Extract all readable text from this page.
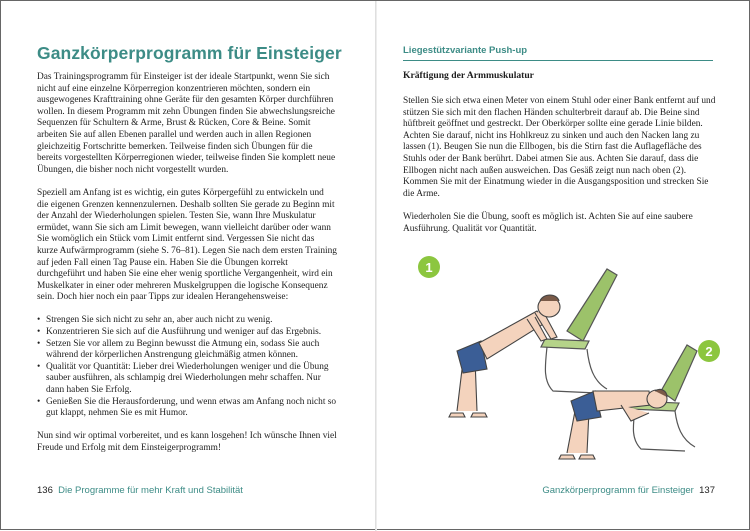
Ganzkörperprogramm für Einsteiger

Das Trainingsprogramm für Einsteiger ist der ideale Startpunkt, wenn Sie sich nicht auf eine einzelne Körperregion konzentrieren möchten, sondern ein ausgewogenes Krafttraining ohne Geräte für den gesamten Körper durchführen wollen. In diesem Programm mit zehn Übungen finden Sie abwechslungsreiche Sequenzen für Schultern & Arme, Brust & Rücken, Core & Beine. Somit arbeiten Sie auf allen Ebenen parallel und werden auch in allen Regionen gleichzeitig Fortschritte bemerken. Teilweise finden sich Übungen für die bereits vorgestellten Körperregionen wieder, teilweise finden Sie komplett neue Übungen, die bisher noch nicht vorgestellt wurden.

Speziell am Anfang ist es wichtig, ein gutes Körpergefühl zu entwickeln und die eigenen Grenzen kennenzulernen. Deshalb sollten Sie gerade zu Beginn mit der Anzahl der Wiederholungen spielen. Testen Sie, wann Ihre Muskulatur ermüdet, wann Sie sich am Limit bewegen, wann vielleicht darüber oder wann Sie womöglich ein Stück vom Limit entfernt sind. Vergessen Sie nicht das kurze Aufwärmprogramm (siehe S. 76–81). Legen Sie nach dem ersten Training auf jeden Fall einen Tag Pause ein. Haben Sie die Übungen korrekt durchgeführt und haben Sie eine eher wenig sportliche Vergangenheit, wird ein Muskelkater in einer oder mehreren Muskelgruppen die logische Konsequenz sein. Doch hier noch ein paar Tipps zur idealen Herangehensweise:

• Strengen Sie sich nicht zu sehr an, aber auch nicht zu wenig.
• Konzentrieren Sie sich auf die Ausführung und weniger auf das Ergebnis.
• Setzen Sie vor allem zu Beginn bewusst die Atmung ein, sodass Sie auch während der körperlichen Anstrengung gleichmäßig atmen können.
• Qualität vor Quantität: Lieber drei Wiederholungen weniger und die Übung sauber ausführen, als schlampig drei Wiederholungen mehr schaffen. Nur dann haben Sie Erfolg.
• Genießen Sie die Herausforderung, und wenn etwas am Anfang noch nicht so gut klappt, nehmen Sie es mit Humor.

Nun sind wir optimal vorbereitet, und es kann losgehen! Ich wünsche Ihnen viel Freude und Erfolg mit dem Einsteigerprogramm!

136 Die Programme für mehr Kraft und Stabilität
Liegestützvariante Push-up
Kräftigung der Armmuskulatur

Stellen Sie sich etwa einen Meter von einem Stuhl oder einer Bank entfernt auf und stützen Sie sich mit den flachen Händen schulterbreit darauf ab. Die Beine sind hüftbreit geöffnet und gestreckt. Der Oberkörper sollte eine gerade Linie bilden. Achten Sie darauf, nicht ins Hohlkreuz zu sinken und auch den Nacken lang zu lassen (1). Beugen Sie nun die Ellbogen, bis die Stirn fast die Auflagefläche des Stuhls oder der Bank berührt. Dabei atmen Sie aus. Achten Sie darauf, dass die Ellbogen nicht nach außen ausweichen. Das Gesäß zeigt nun nach oben (2). Kommen Sie mit der Einatmung wieder in die Ausgangsposition und strecken Sie die Arme.

Wiederholen Sie die Übung, sooft es möglich ist. Achten Sie auf eine saubere Ausführung. Qualität vor Quantität.

1
2
Ganzkörperprogramm für Einsteiger 137
